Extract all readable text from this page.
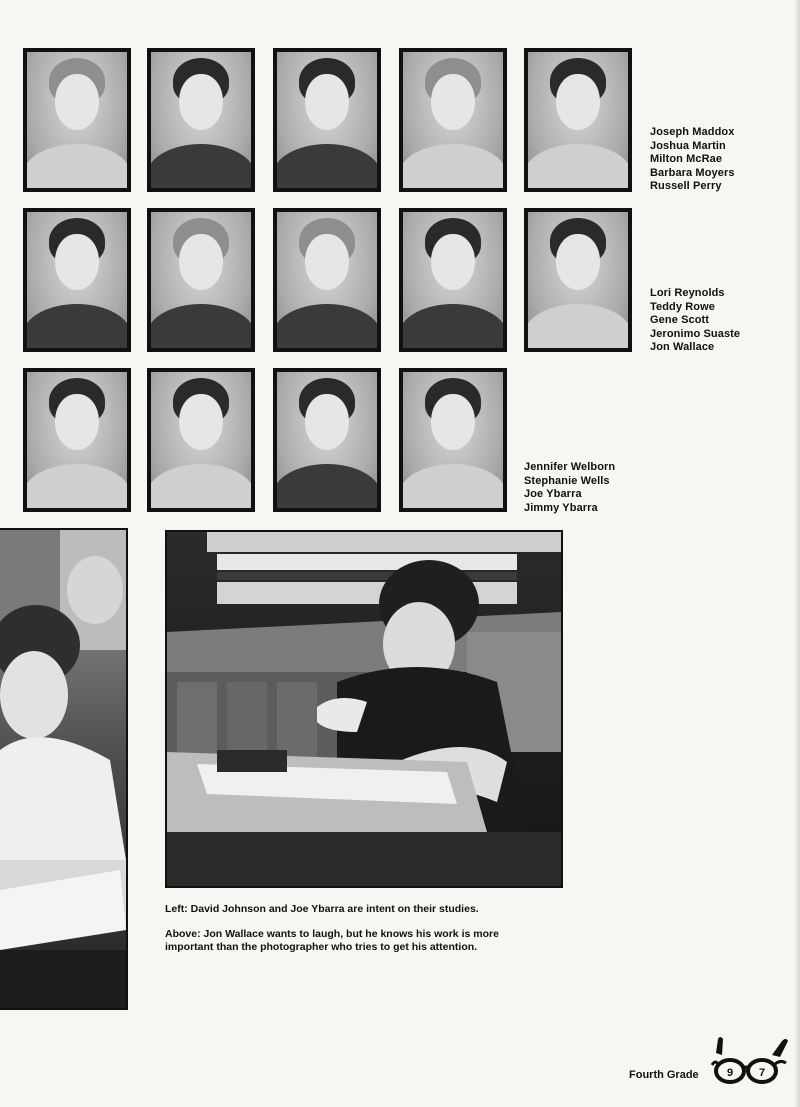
Joseph Maddox
Joshua Martin
Milton McRae
Barbara Moyers
Russell Perry
Lori Reynolds
Teddy Rowe
Gene Scott
Jeronimo Suaste
Jon Wallace
Jennifer Welborn
Stephanie Wells
Joe Ybarra
Jimmy Ybarra
Left: David Johnson and Joe Ybarra are intent on their studies.
Above: Jon Wallace wants to laugh, but he knows his work is more
important than the photographer who tries to get his attention.
Fourth Grade	9 7
